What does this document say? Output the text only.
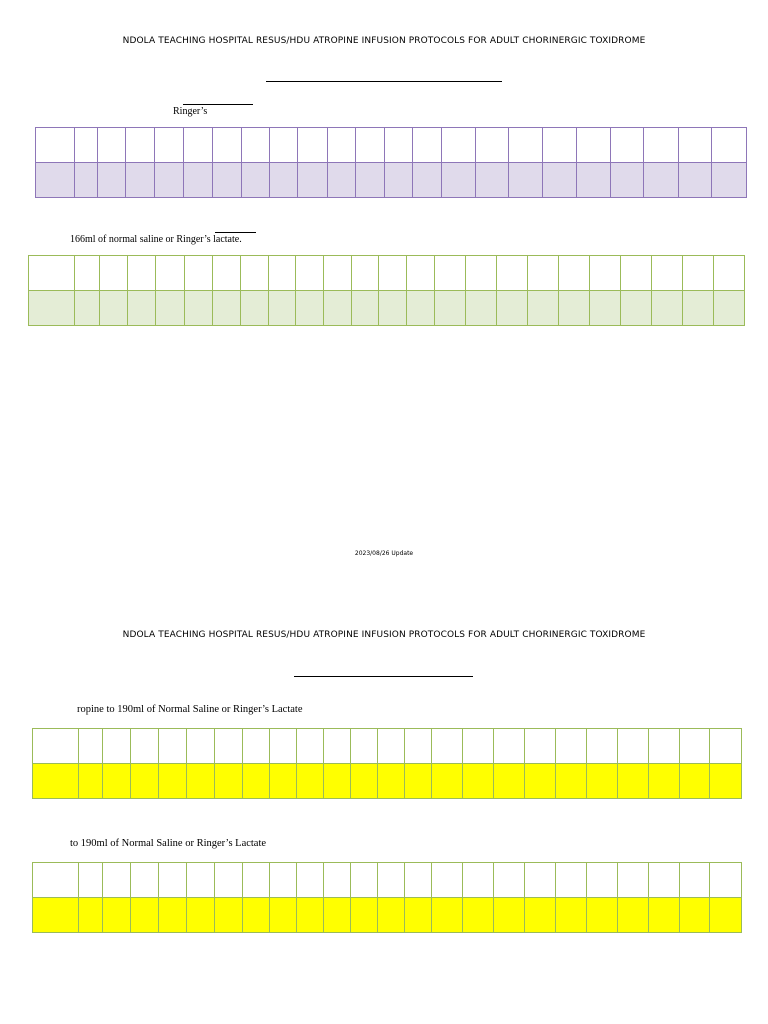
NDOLA TEACHING HOSPITAL RESUS/HDU ATROPINE INFUSION PROTOCOLS FOR ADULT CHORINERGIC TOXIDROME
Ringer’s

166ml of normal saline or Ringer’s lactate.

2023/08/26 Update
NDOLA TEACHING HOSPITAL RESUS/HDU ATROPINE INFUSION PROTOCOLS FOR ADULT CHORINERGIC TOXIDROME
ropine to 190ml of Normal Saline or Ringer’s Lactate

to 190ml of Normal Saline or Ringer’s Lactate
